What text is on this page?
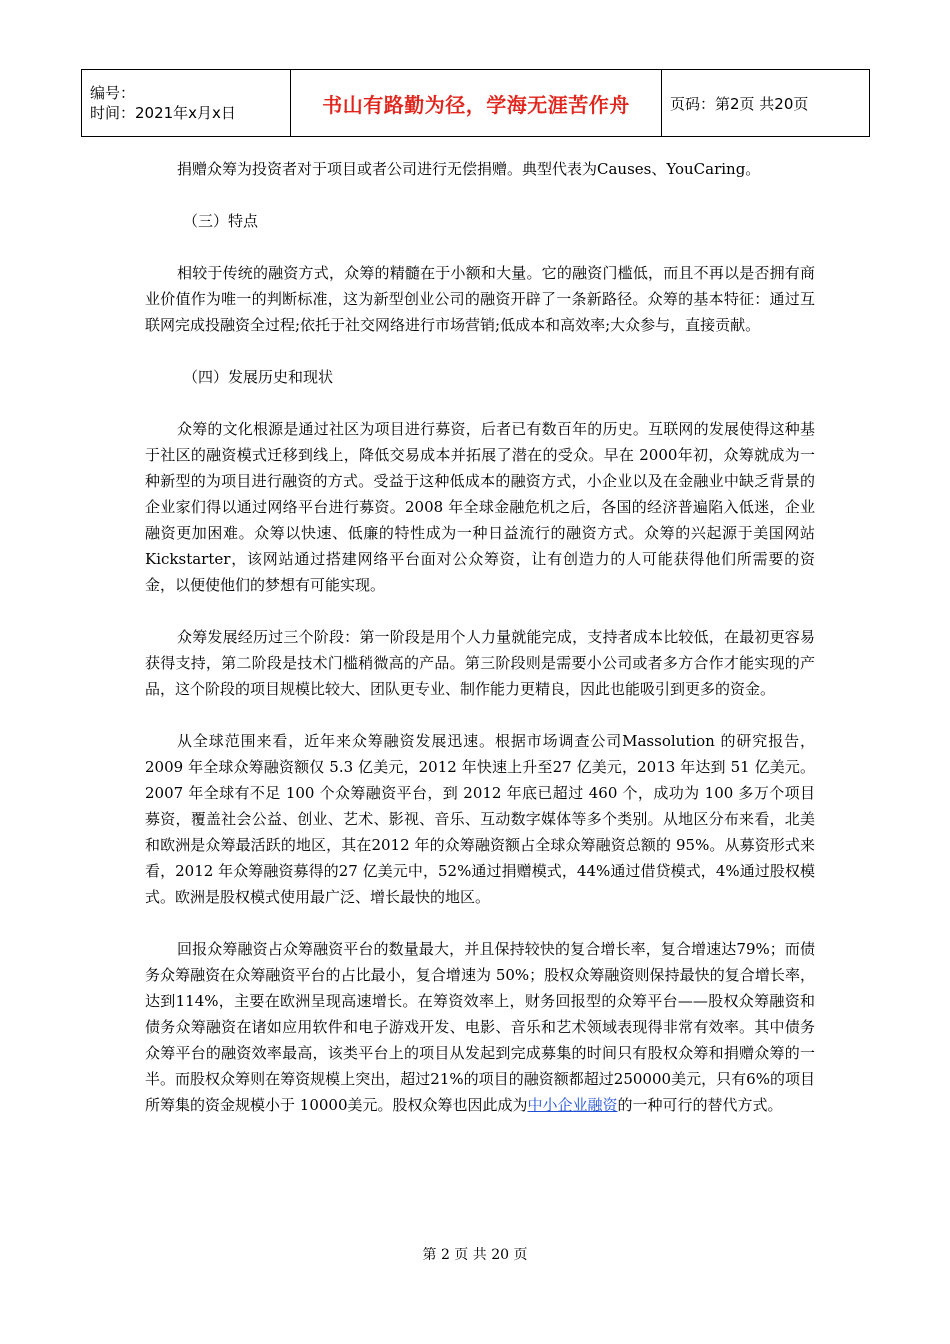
编号：
时间：2021年x月x日	书山有路勤为径，学海无涯苦作舟	页码：第2页 共20页

捐赠众筹为投资者对于项目或者公司进行无偿捐赠。典型代表为Causes、YouCaring。

（三）特点

相较于传统的融资方式，众筹的精髓在于小额和大量。它的融资门槛低，而且不再以是否拥有商业价值作为唯一的判断标准，这为新型创业公司的融资开辟了一条新路径。众筹的基本特征：通过互联网完成投融资全过程;依托于社交网络进行市场营销;低成本和高效率;大众参与，直接贡献。

（四）发展历史和现状

众筹的文化根源是通过社区为项目进行募资，后者已有数百年的历史。互联网的发展使得这种基于社区的融资模式迁移到线上，降低交易成本并拓展了潜在的受众。早在 2000年初，众筹就成为一种新型的为项目进行融资的方式。受益于这种低成本的融资方式，小企业以及在金融业中缺乏背景的企业家们得以通过网络平台进行募资。2008 年全球金融危机之后，各国的经济普遍陷入低迷，企业融资更加困难。众筹以快速、低廉的特性成为一种日益流行的融资方式。众筹的兴起源于美国网站Kickstarter，该网站通过搭建网络平台面对公众筹资，让有创造力的人可能获得他们所需要的资金，以便使他们的梦想有可能实现。

众筹发展经历过三个阶段：第一阶段是用个人力量就能完成，支持者成本比较低，在最初更容易获得支持，第二阶段是技术门槛稍微高的产品。第三阶段则是需要小公司或者多方合作才能实现的产品，这个阶段的项目规模比较大、团队更专业、制作能力更精良，因此也能吸引到更多的资金。

从全球范围来看，近年来众筹融资发展迅速。根据市场调查公司Massolution 的研究报告，2009 年全球众筹融资额仅 5.3 亿美元，2012 年快速上升至27 亿美元，2013 年达到 51 亿美元。2007 年全球有不足 100 个众筹融资平台，到 2012 年底已超过 460 个，成功为 100 多万个项目募资，覆盖社会公益、创业、艺术、影视、音乐、互动数字媒体等多个类别。从地区分布来看，北美和欧洲是众筹最活跃的地区，其在2012 年的众筹融资额占全球众筹融资总额的 95%。从募资形式来看，2012 年众筹融资募得的27 亿美元中，52%通过捐赠模式，44%通过借贷模式，4%通过股权模式。欧洲是股权模式使用最广泛、增长最快的地区。

回报众筹融资占众筹融资平台的数量最大，并且保持较快的复合增长率，复合增速达79%；而债务众筹融资在众筹融资平台的占比最小，复合增速为 50%；股权众筹融资则保持最快的复合增长率，达到114%，主要在欧洲呈现高速增长。在筹资效率上，财务回报型的众筹平台——股权众筹融资和债务众筹融资在诸如应用软件和电子游戏开发、电影、音乐和艺术领域表现得非常有效率。其中债务众筹平台的融资效率最高，该类平台上的项目从发起到完成募集的时间只有股权众筹和捐赠众筹的一半。而股权众筹则在筹资规模上突出，超过21%的项目的融资额都超过250000美元，只有6%的项目所筹集的资金规模小于 10000美元。股权众筹也因此成为中小企业融资的一种可行的替代方式。

第 2 页 共 20 页
